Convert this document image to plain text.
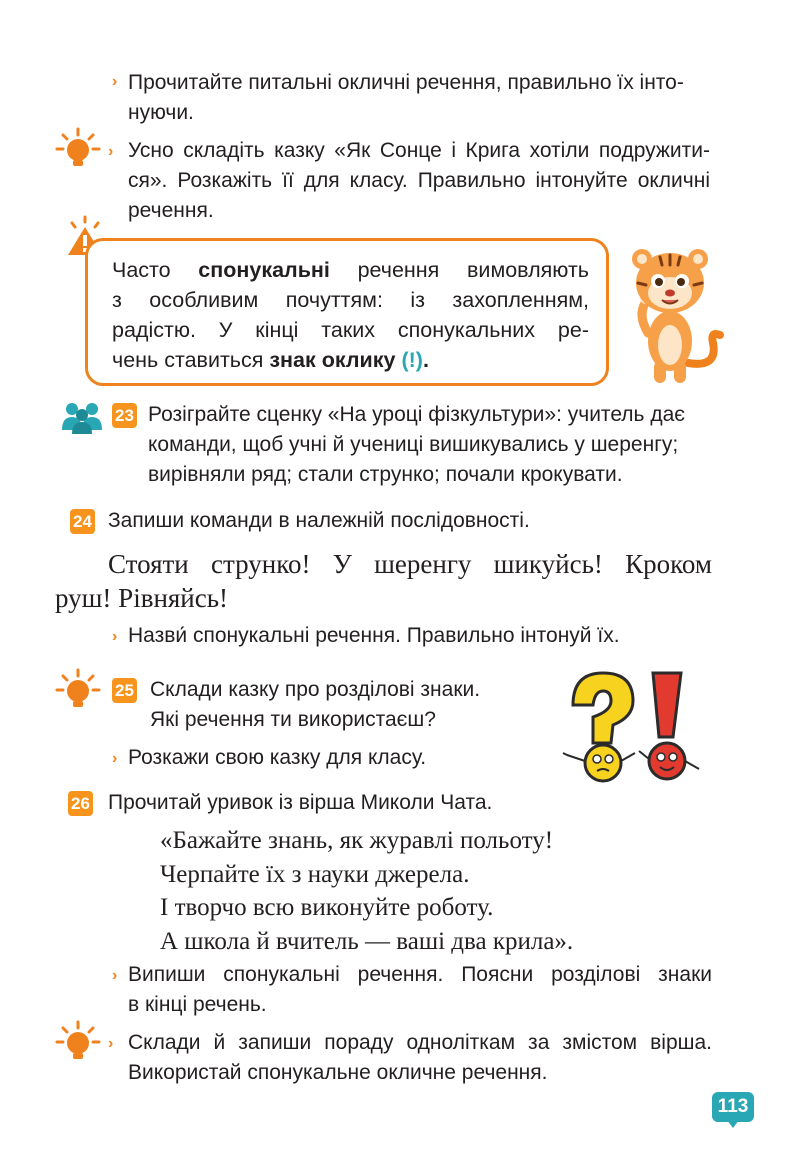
› Прочитайте питальні окличні речення, правильно їх інто-
нуючи.
› Усно складіть казку «Як Сонце і Крига хотіли подружити-
ся». Розкажіть її для класу. Правильно інтонуйте окличні
речення.
Часто спонукальні речення вимовляють
з особливим почуттям: із захопленням,
радістю. У кінці таких спонукальних ре-
чень ставиться знак оклику (!).
23 Розіграйте сценку «На уроці фізкультури»: учитель дає
команди, щоб учні й учениці вишикувались у шеренгу;
вирівняли ряд; стали струнко; почали крокувати.
24 Запиши команди в належній послідовності.
Стояти струнко! У шеренгу шикуйсь! Кроком
руш! Рівняйсь!
› Назви́ спонукальні речення. Правильно інтонуй їх.
25 Склади казку про розділові знаки.
Які речення ти використаєш?
› Розкажи свою казку для класу.
26 Прочитай уривок із вірша Миколи Чата.
«Бажайте знань, як журавлі польоту!
Черпайте їх з науки джерела.
І творчо всю виконуйте роботу.
А школа й вчитель — ваші два крила».
› Випиши спонукальні речення. Поясни розділові знаки
в кінці речень.
› Склади й запиши пораду одноліткам за змістом вірша.
Використай спонукальне окличне речення.
113
